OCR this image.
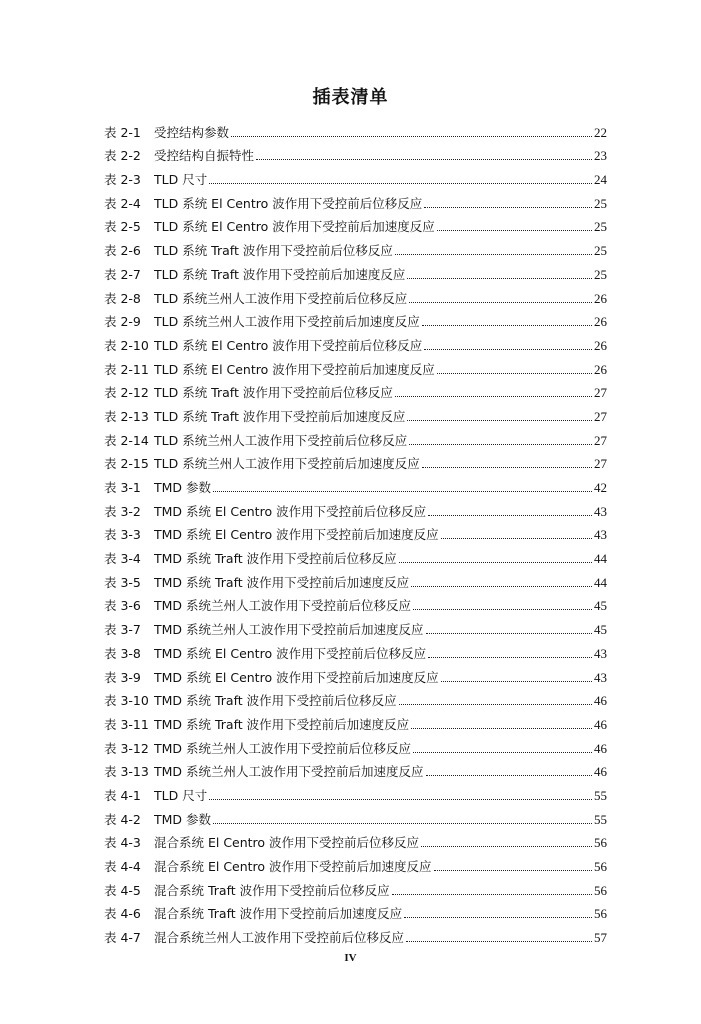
插表清单
表 2-1	受控结构参数	22
表 2-2	受控结构自振特性	23
表 2-3	TLD 尺寸	24
表 2-4	TLD 系统 El Centro 波作用下受控前后位移反应	25
表 2-5	TLD 系统 El Centro 波作用下受控前后加速度反应	25
表 2-6	TLD 系统 Traft 波作用下受控前后位移反应	25
表 2-7	TLD 系统 Traft 波作用下受控前后加速度反应	25
表 2-8	TLD 系统兰州人工波作用下受控前后位移反应	26
表 2-9	TLD 系统兰州人工波作用下受控前后加速度反应	26
表 2-10 TLD 系统 El Centro 波作用下受控前后位移反应	26
表 2-11 TLD 系统 El Centro 波作用下受控前后加速度反应	26
表 2-12 TLD 系统 Traft 波作用下受控前后位移反应	27
表 2-13 TLD 系统 Traft 波作用下受控前后加速度反应	27
表 2-14 TLD 系统兰州人工波作用下受控前后位移反应	27
表 2-15 TLD 系统兰州人工波作用下受控前后加速度反应	27
表 3-1	TMD 参数	42
表 3-2	TMD 系统 El Centro 波作用下受控前后位移反应	43
表 3-3	TMD 系统 El Centro 波作用下受控前后加速度反应	43
表 3-4	TMD 系统 Traft 波作用下受控前后位移反应	44
表 3-5	TMD 系统 Traft 波作用下受控前后加速度反应	44
表 3-6	TMD 系统兰州人工波作用下受控前后位移反应	45
表 3-7	TMD 系统兰州人工波作用下受控前后加速度反应	45
表 3-8	TMD 系统 El Centro 波作用下受控前后位移反应	43
表 3-9	TMD 系统 El Centro 波作用下受控前后加速度反应	43
表 3-10 TMD 系统 Traft 波作用下受控前后位移反应	46
表 3-11 TMD 系统 Traft 波作用下受控前后加速度反应	46
表 3-12 TMD 系统兰州人工波作用下受控前后位移反应	46
表 3-13 TMD 系统兰州人工波作用下受控前后加速度反应	46
表 4-1	TLD 尺寸	55
表 4-2	TMD 参数	55
表 4-3	混合系统 El Centro 波作用下受控前后位移反应	56
表 4-4	混合系统 El Centro 波作用下受控前后加速度反应	56
表 4-5	混合系统 Traft 波作用下受控前后位移反应	56
表 4-6	混合系统 Traft 波作用下受控前后加速度反应	56
表 4-7	混合系统兰州人工波作用下受控前后位移反应	57
IV
